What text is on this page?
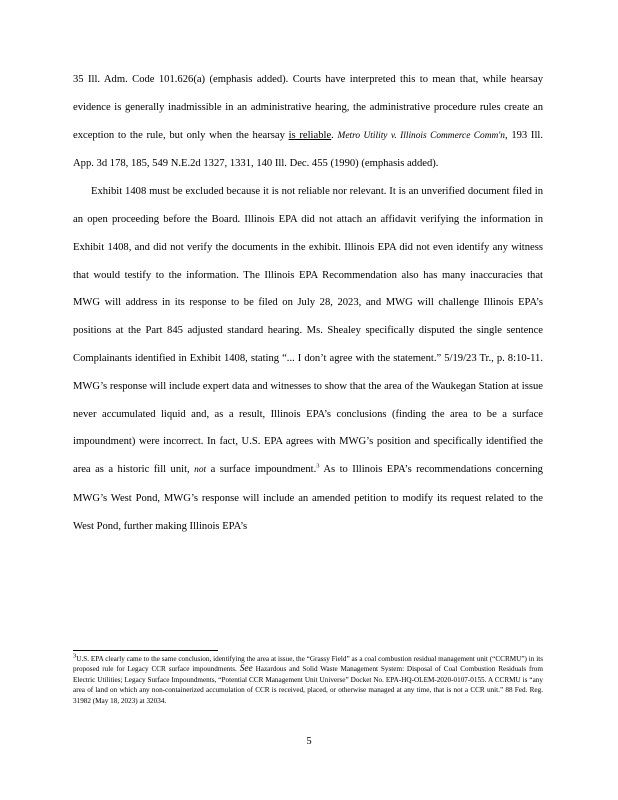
35 Ill. Adm. Code 101.626(a) (emphasis added). Courts have interpreted this to mean that, while hearsay evidence is generally inadmissible in an administrative hearing, the administrative procedure rules create an exception to the rule, but only when the hearsay is reliable. Metro Utility v. Illinois Commerce Comm'n, 193 Ill. App. 3d 178, 185, 549 N.E.2d 1327, 1331, 140 Ill. Dec. 455 (1990) (emphasis added).

Exhibit 1408 must be excluded because it is not reliable nor relevant. It is an unverified document filed in an open proceeding before the Board. Illinois EPA did not attach an affidavit verifying the information in Exhibit 1408, and did not verify the documents in the exhibit. Illinois EPA did not even identify any witness that would testify to the information. The Illinois EPA Recommendation also has many inaccuracies that MWG will address in its response to be filed on July 28, 2023, and MWG will challenge Illinois EPA’s positions at the Part 845 adjusted standard hearing. Ms. Shealey specifically disputed the single sentence Complainants identified in Exhibit 1408, stating “... I don’t agree with the statement.” 5/19/23 Tr., p. 8:10-11. MWG’s response will include expert data and witnesses to show that the area of the Waukegan Station at issue never accumulated liquid and, as a result, Illinois EPA’s conclusions (finding the area to be a surface impoundment) were incorrect. In fact, U.S. EPA agrees with MWG’s position and specifically identified the area as a historic fill unit, not a surface impoundment.$^3$ As to Illinois EPA’s recommendations concerning MWG’s West Pond, MWG’s response will include an amended petition to modify its request related to the West Pond, further making Illinois EPA’s

3U.S. EPA clearly came to the same conclusion, identifying the area at issue, the “Grassy Field” as a coal combustion residual management unit (“CCRMU”) in its proposed rule for Legacy CCR surface impoundments. See Hazardous and Solid Waste Management System: Disposal of Coal Combustion Residuals from Electric Utilities; Legacy Surface Impoundments, “Potential CCR Management Unit Universe” Docket No. EPA-HQ-OLEM-2020-0107-0155. A CCRMU is “any area of land on which any non-containerized accumulation of CCR is received, placed, or otherwise managed at any time, that is not a CCR unit.” 88 Fed. Reg. 31982 (May 18, 2023) at 32034.

5
